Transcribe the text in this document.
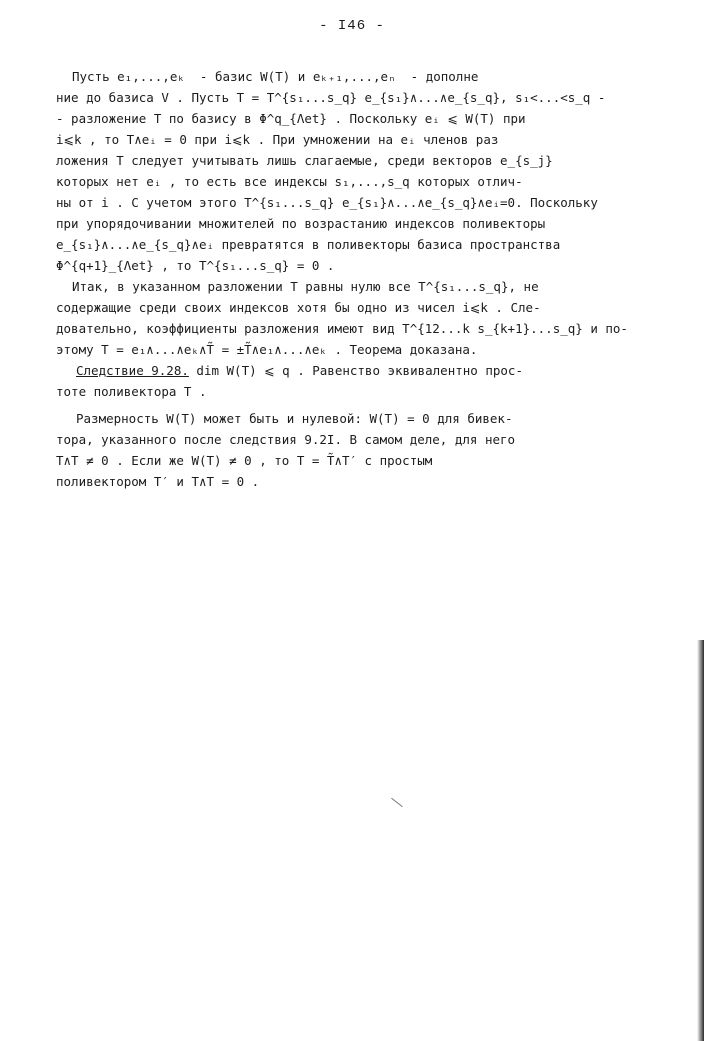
- I46 -
Пусть e₁,...,eₖ  - базис W(T) и eₖ₊₁,...,eₙ  - дополне
ние до базиса V . Пусть T = T^{s₁...s_q} e_{s₁}∧...∧e_{s_q}, s₁<...<s_q -
- разложение T по базису в Φ^q_{Λet} . Поскольку eᵢ ⩽ W(T) при
i⩽k , то T∧eᵢ = 0 при i⩽k . При умножении на eᵢ членов раз
ложения T следует учитывать лишь слагаемые, среди векторов e_{s_j}
которых нет eᵢ , то есть все индексы s₁,...,s_q которых отлич-
ны от i . С учетом этого T^{s₁...s_q} e_{s₁}∧...∧e_{s_q}∧eᵢ=0. Поскольку
при упорядочивании множителей по возрастанию индексов поливекторы
e_{s₁}∧...∧e_{s_q}∧eᵢ превратятся в поливекторы базиса пространства
Φ^{q+1}_{Λet} , то T^{s₁...s_q} = 0 .
Итак, в указанном разложении T равны нулю все T^{s₁...s_q}, не
содержащие среди своих индексов хотя бы одно из чисел i⩽k . Сле-
довательно, коэффициенты разложения имеют вид T^{12...k s_{k+1}...s_q} и по-
этому T = e₁∧...∧eₖ∧T̃ = ±T̃∧e₁∧...∧eₖ . Теорема доказана.
Следствие 9.28. dim W(T) ⩽ q . Равенство эквивалентно прос-
тоте поливектора T .
Размерность W(T) может быть и нулевой: W(T) = 0 для бивек-
тора, указанного после следствия 9.2I. В самом деле, для него
T∧T ≠ 0 . Если же W(T) ≠ 0 , то T = T̃∧T′ с простым
поливектором T′ и T∧T = 0 .
